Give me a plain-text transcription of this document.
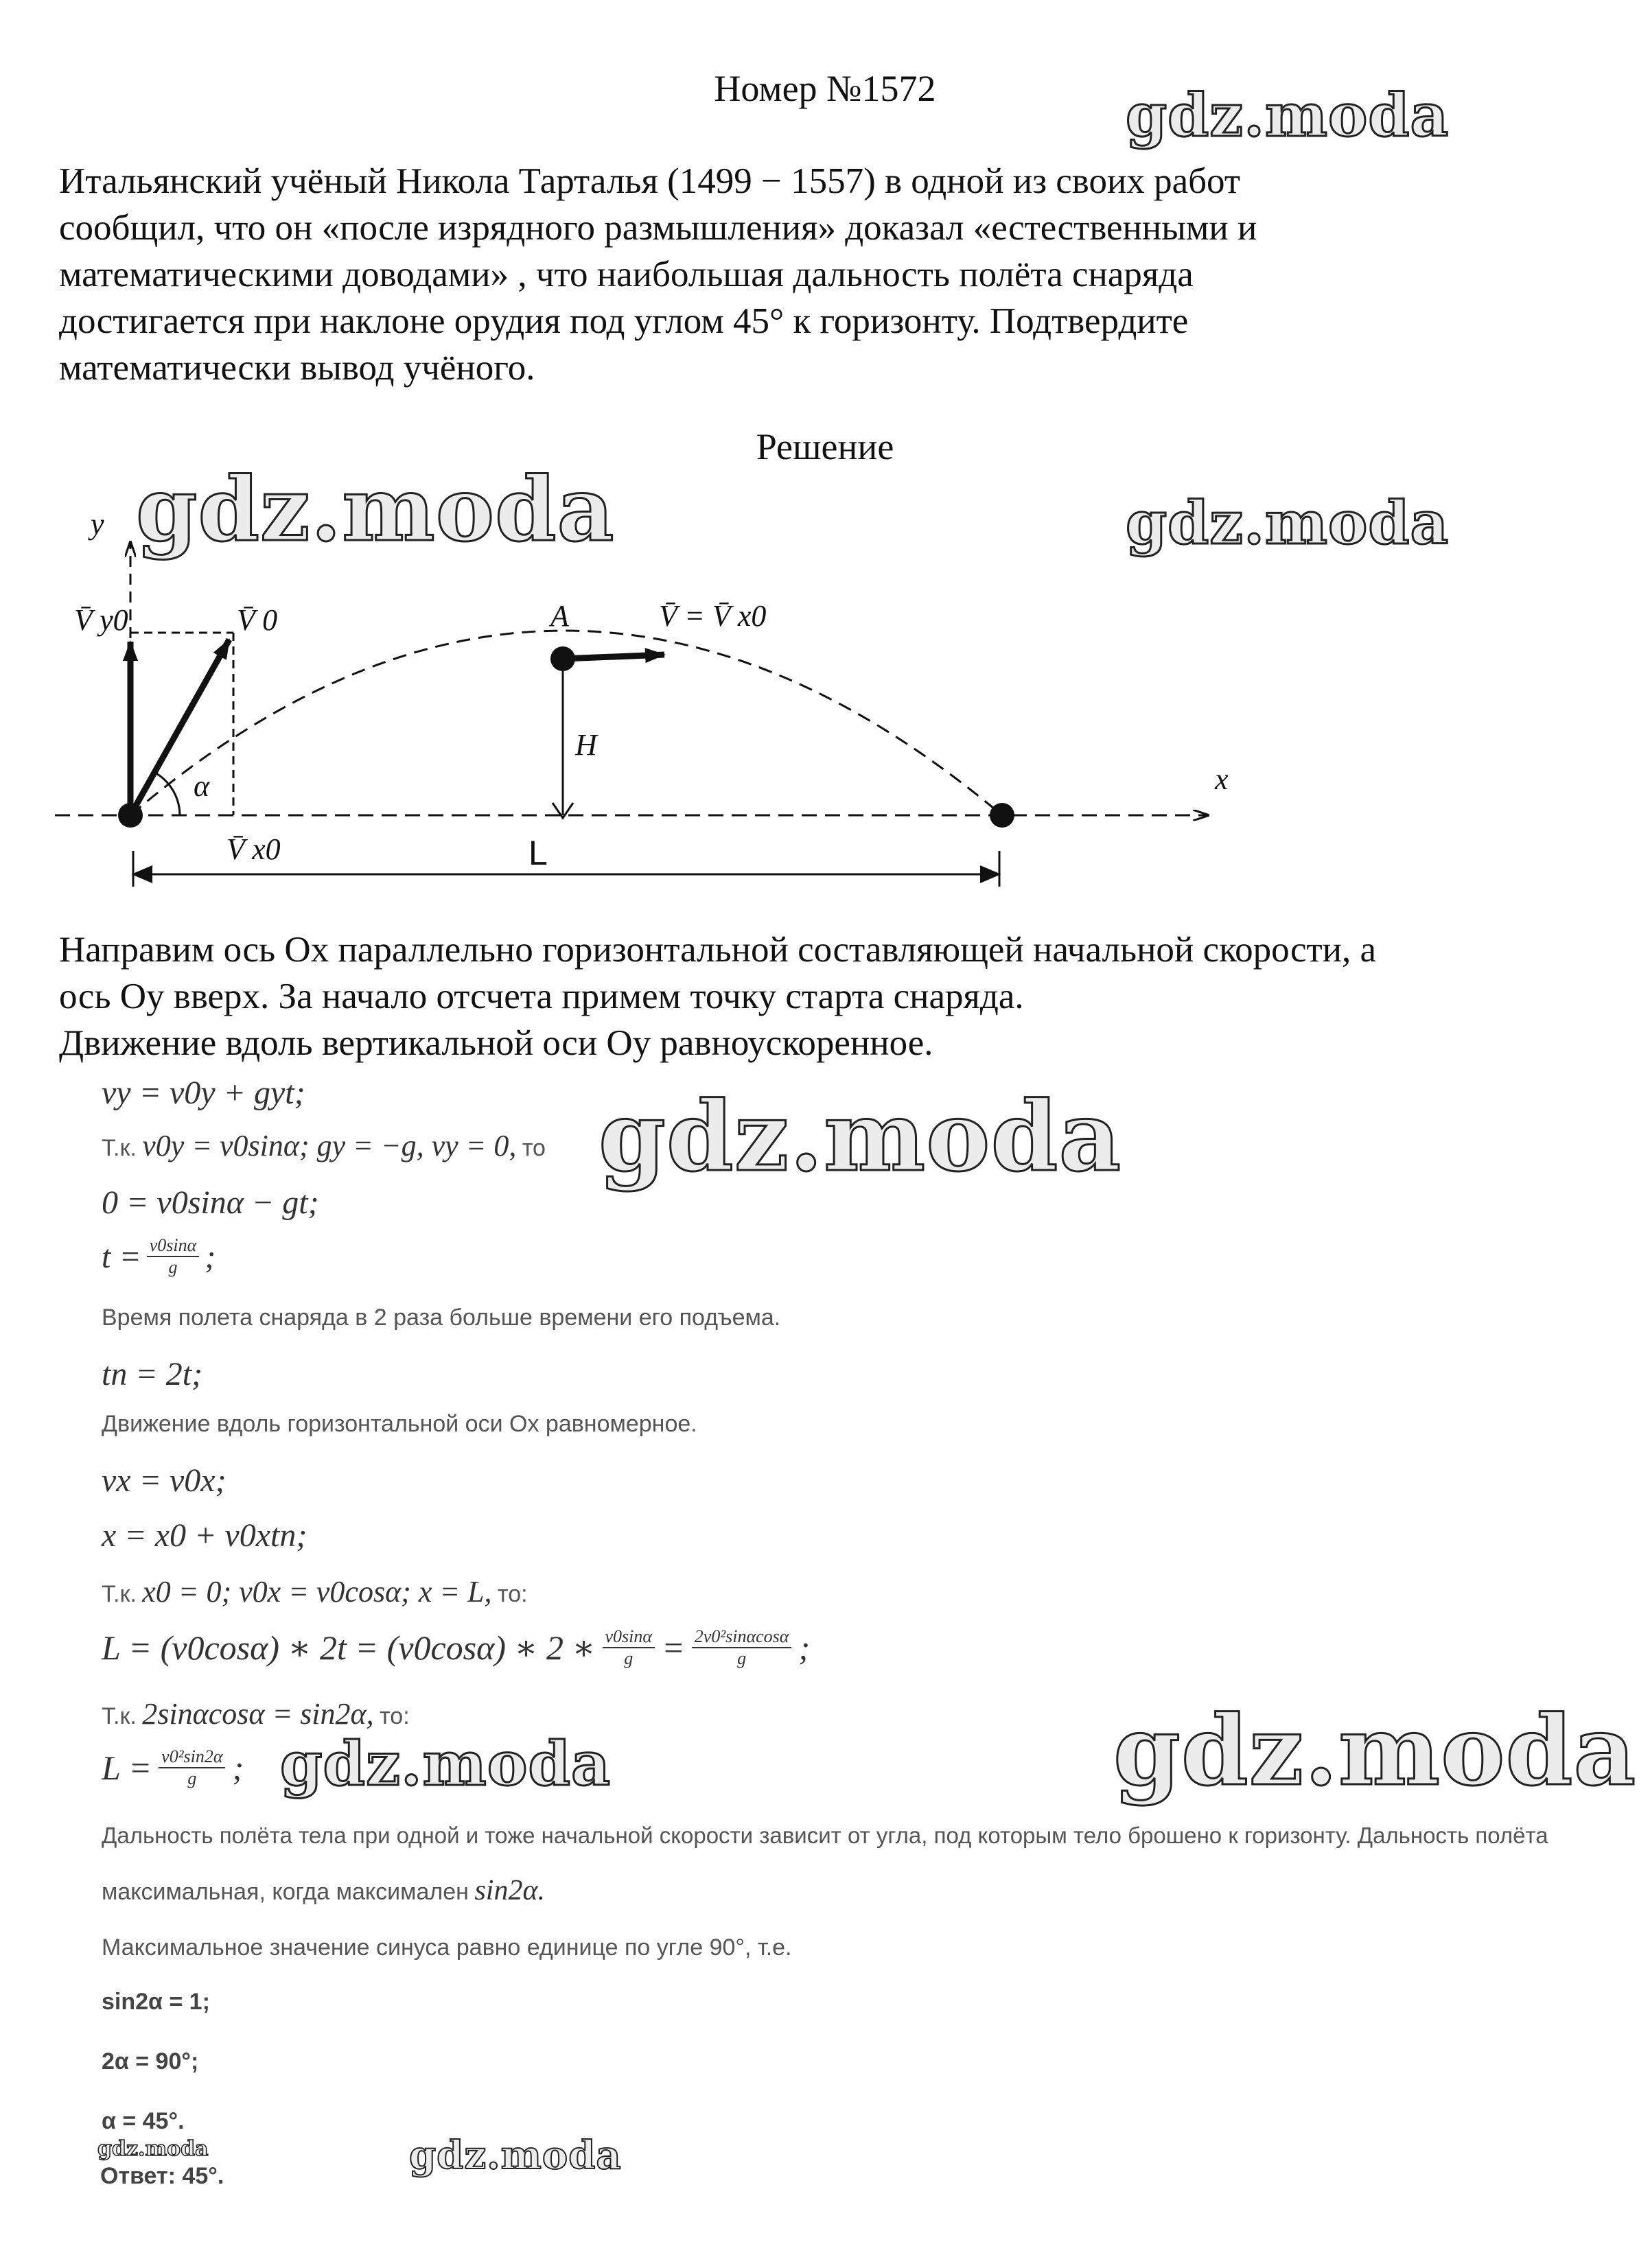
Номер №1572
Итальянский учёный Никола Тарталья (1499 − 1557) в одной из своих работ
сообщил, что он «после изрядного размышления» доказал «естественными и
математическими доводами» , что наибольшая дальность полёта снаряда
достигается при наклоне орудия под углом 45° к горизонту. Подтвердите
математически вывод учёного.
Решение
y
x
V̄ y0	V̄ 0
α
V̄ x0
A	V̄ = V̄ x0
H
L
Направим ось Ох параллельно горизонтальной составляющей начальной скорости, а
ось Оу вверх. За начало отсчета примем точку старта снаряда.
Движение вдоль вертикальной оси Оу равноускоренное.
vy = v0y + gyt;
Т.к. v0y = v0sinα; gy = −g, vy = 0, то
0 = v0sinα − gt;
$t = \frac{v0\sin\alpha}{g}$ ;
Время полета снаряда в 2 раза больше времени его подъема.
tп = 2t;
Движение вдоль горизонтальной оси Ox равномерное.
vx = v0x;
x = x0 + v0xtп;
Т.к. x0 = 0; v0x = v0cosα; x = L, то:
L = (v0cosα) ∗ 2t = (v0cosα) ∗ 2 ∗ $\frac{v0\sin\alpha}{g} = \frac{\text{2v0²sinαcosα}}{g}$ ;
Т.к. 2sinαcosα = sin2α, то:
$L = \frac{\text{v0²sin2α}}{g}$ ;
Дальность полёта тела при одной и тоже начальной скорости зависит от угла, под которым тело брошено к горизонту. Дальность полёта
максимальная, когда максимален sin2α.
Максимальное значение синуса равно единице по угле 90°, т.е.
sin2α = 1;
2α = 90°;
α = 45°.
gdz.moda
Ответ: 45°.
gdz.moda
gdz.moda	gdz.moda
gdz.moda
gdz.moda
gdz.moda
gdz.moda
